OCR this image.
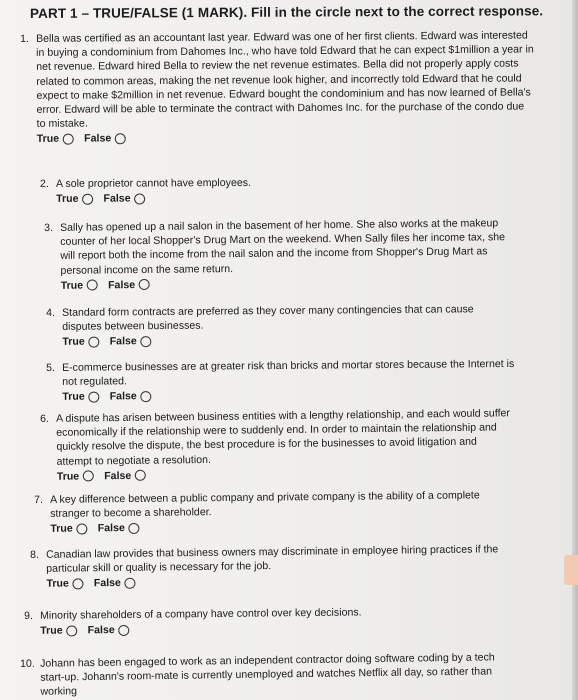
PART 1 – TRUE/FALSE (1 MARK). Fill in the circle next to the correct response.
1. Bella was certified as an accountant last year. Edward was one of her first clients. Edward was interested in buying a condominium from Dahomes Inc., who have told Edward that he can expect $1million a year in net revenue. Edward hired Bella to review the net revenue estimates. Bella did not properly apply costs related to common areas, making the net revenue look higher, and incorrectly told Edward that he could expect to make $2million in net revenue. Edward bought the condominium and has now learned of Bella's error. Edward will be able to terminate the contract with Dahomes Inc. for the purchase of the condo due to mistake.
True False
2. A sole proprietor cannot have employees.
True False
3. Sally has opened up a nail salon in the basement of her home. She also works at the makeup counter of her local Shopper's Drug Mart on the weekend. When Sally files her income tax, she will report both the income from the nail salon and the income from Shopper's Drug Mart as personal income on the same return.
True False
4. Standard form contracts are preferred as they cover many contingencies that can cause disputes between businesses.
True False
5. E-commerce businesses are at greater risk than bricks and mortar stores because the Internet is not regulated.
True False
6. A dispute has arisen between business entities with a lengthy relationship, and each would suffer economically if the relationship were to suddenly end. In order to maintain the relationship and quickly resolve the dispute, the best procedure is for the businesses to avoid litigation and attempt to negotiate a resolution.
True False
7. A key difference between a public company and private company is the ability of a complete stranger to become a shareholder.
True False
8. Canadian law provides that business owners may discriminate in employee hiring practices if the particular skill or quality is necessary for the job.
True False
9. Minority shareholders of a company have control over key decisions.
True False
10. Johann has been engaged to work as an independent contractor doing software coding by a tech start-up. Johann's room-mate is currently unemployed and watches Netflix all day, so rather than working
